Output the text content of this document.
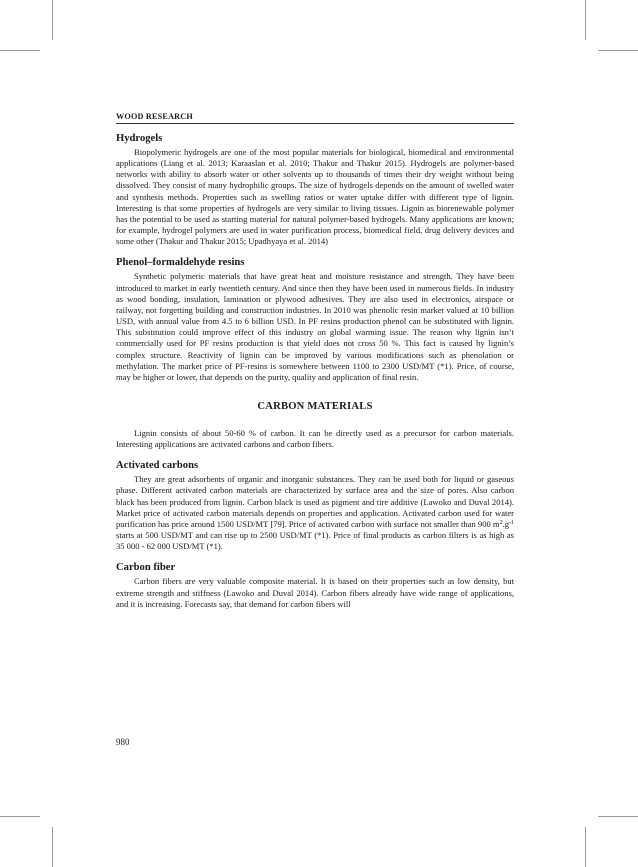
WOOD RESEARCH
Hydrogels

Biopolymeric hydrogels are one of the most popular materials for biological, biomedical and environmental applications (Liang et al. 2013; Karaaslan et al. 2010; Thakur and Thakur 2015). Hydrogels are polymer-based networks with ability to absorb water or other solvents up to thousands of times their dry weight without being dissolved. They consist of many hydrophilic groups. The size of hydrogels depends on the amount of swelled water and synthesis methods. Properties such as swelling ratios or water uptake differ with different type of lignin. Interesting is that some properties of hydrogels are very similar to living tissues. Lignin as biorenewable polymer has the potential to be used as starting material for natural polymer-based hydrogels. Many applications are known; for example, hydrogel polymers are used in water purification process, biomedical field, drug delivery devices and some other (Thakur and Thakur 2015; Upadhyaya et al. 2014)

Phenol–formaldehyde resins

Synthetic polymeric materials that have great heat and moisture resistance and strength. They have been introduced to market in early twentieth century. And since then they have been used in numerous fields. In industry as wood bonding, insulation, lamination or plywood adhesives. They are also used in electronics, airspace or railway, not forgetting building and construction industries. In 2010 was phenolic resin market valued at 10 billion USD, with annual value from 4.5 to 6 billion USD. In PF resins production phenol can be substituted with lignin. This substitution could improve effect of this industry on global warming issue. The reason why lignin isn’t commercially used for PF resins production is that yield does not cross 50 %. This fact is caused by lignin’s complex structure. Reactivity of lignin can be improved by various modifications such as phenolation or methylation. The market price of PF-resins is somewhere between 1100 to 2300 USD/MT (*1). Price, of course, may be higher or lower, that depends on the purity, quality and application of final resin.

CARBON MATERIALS

Lignin consists of about 50-60 % of carbon. It can be directly used as a precursor for carbon materials. Interesting applications are activated carbons and carbon fibers.

Activated carbons

They are great adsorbents of organic and inorganic substances. They can be used both for liquid or gaseous phase. Different activated carbon materials are characterized by surface area and the size of pores. Also carbon black has been produced from lignin. Carbon black is used as pigment and tire additive (Lawoko and Duval 2014). Market price of activated carbon materials depends on properties and application. Activated carbon used for water purification has price around 1500 USD/MT [79]. Price of activated carbon with surface not smaller than 900 $m^2.g^{-1}$ starts at 500 USD/MT and can rise up to 2500 USD/MT (*1). Price of final products as carbon filters is as high as 35 000 - 62 000 USD/MT (*1).

Carbon fiber

Carbon fibers are very valuable composite material. It is based on their properties such as low density, but extreme strength and stiffness (Lawoko and Duval 2014). Carbon fibers already have wide range of applications, and it is increasing. Forecasts say, that demand for carbon fibers will

980
